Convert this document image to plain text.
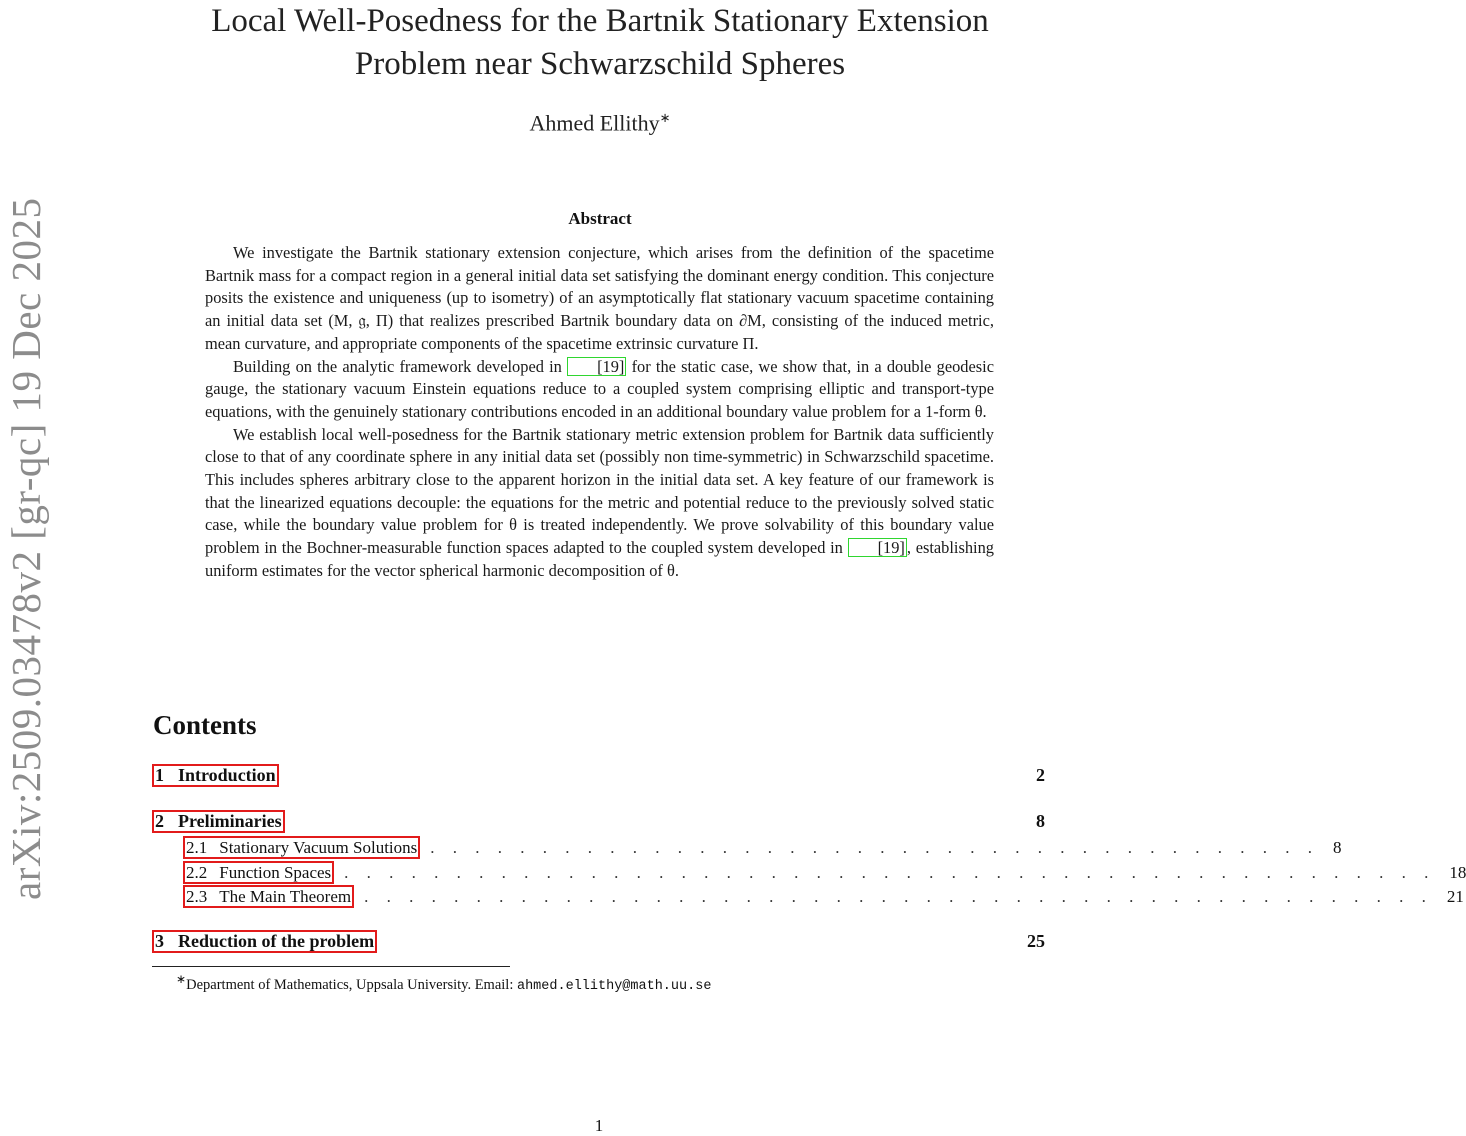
arXiv:2509.03478v2 [gr-qc] 19 Dec 2025
Local Well-Posedness for the Bartnik Stationary Extension Problem near Schwarzschild Spheres
Ahmed Ellithy∗
Abstract

We investigate the Bartnik stationary extension conjecture, which arises from the definition of the spacetime Bartnik mass for a compact region in a general initial data set satisfying the dominant energy condition. This conjecture posits the existence and uniqueness (up to isometry) of an asymptotically flat stationary vacuum spacetime containing an initial data set (M, 𝔤, Π) that realizes prescribed Bartnik boundary data on ∂M, consisting of the induced metric, mean curvature, and appropriate components of the spacetime extrinsic curvature Π.

Building on the analytic framework developed in [19] for the static case, we show that, in a double geodesic gauge, the stationary vacuum Einstein equations reduce to a coupled system comprising elliptic and transport-type equations, with the genuinely stationary contributions encoded in an additional boundary value problem for a 1-form θ.

We establish local well-posedness for the Bartnik stationary metric extension problem for Bartnik data sufficiently close to that of any coordinate sphere in any initial data set (possibly non time-symmetric) in Schwarzschild spacetime. This includes spheres arbitrary close to the apparent horizon in the initial data set. A key feature of our framework is that the linearized equations decouple: the equations for the metric and potential reduce to the previously solved static case, while the boundary value problem for θ is treated independently. We prove solvability of this boundary value problem in the Bochner-measurable function spaces adapted to the coupled system developed in [19] , establishing uniform estimates for the vector spherical harmonic decomposition of θ.

Contents
1 Introduction	2
2 Preliminaries	8
2.1 Stationary Vacuum Solutions . . . . . . . . . . . . . . . . . . . . . . . . . . . . . . . . . . . . . . . . 8
2.2 Function Spaces . . . . . . . . . . . . . . . . . . . . . . . . . . . . . . . . . . . . . . . . . . . . . . . . . 18
2.3 The Main Theorem . . . . . . . . . . . . . . . . . . . . . . . . . . . . . . . . . . . . . . . . . . . . . . . . 21
3 Reduction of the problem	25
∗Department of Mathematics, Uppsala University. Email: ahmed.ellithy@math.uu.se
1
